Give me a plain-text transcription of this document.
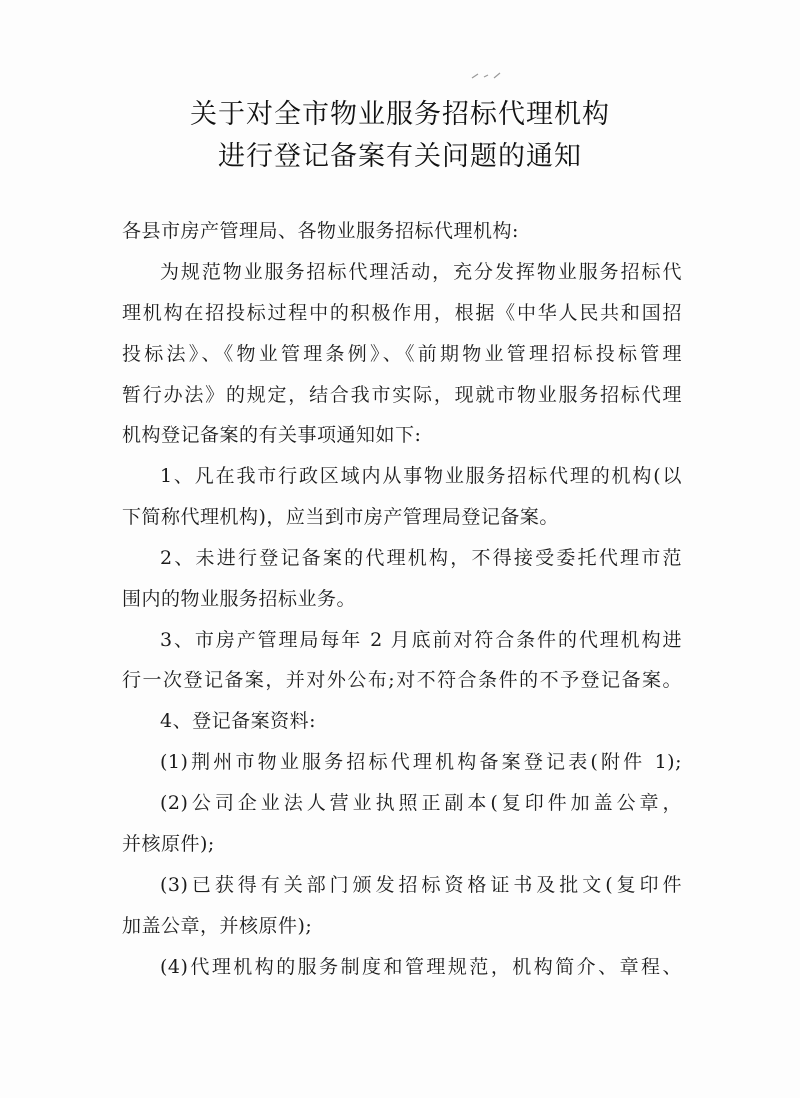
关于对全市物业服务招标代理机构
进行登记备案有关问题的通知
各县市房产管理局、各物业服务招标代理机构:
为规范物业服务招标代理活动，充分发挥物业服务招标代
理机构在招投标过程中的积极作用，根据《中华人民共和国招
投标法》、《物业管理条例》、《前期物业管理招标投标管理
暂行办法》的规定，结合我市实际，现就市物业服务招标代理
机构登记备案的有关事项通知如下:
1、凡在我市行政区域内从事物业服务招标代理的机构(以
下简称代理机构)，应当到市房产管理局登记备案。
2、未进行登记备案的代理机构，不得接受委托代理市范
围内的物业服务招标业务。
3、市房产管理局每年 2 月底前对符合条件的代理机构进
行一次登记备案，并对外公布;对不符合条件的不予登记备案。
4、登记备案资料:
(1)荆州市物业服务招标代理机构备案登记表(附件 1);
(2)公司企业法人营业执照正副本(复印件加盖公章，
并核原件);
(3)已获得有关部门颁发招标资格证书及批文(复印件
加盖公章，并核原件);
(4)代理机构的服务制度和管理规范，机构简介、章程、
